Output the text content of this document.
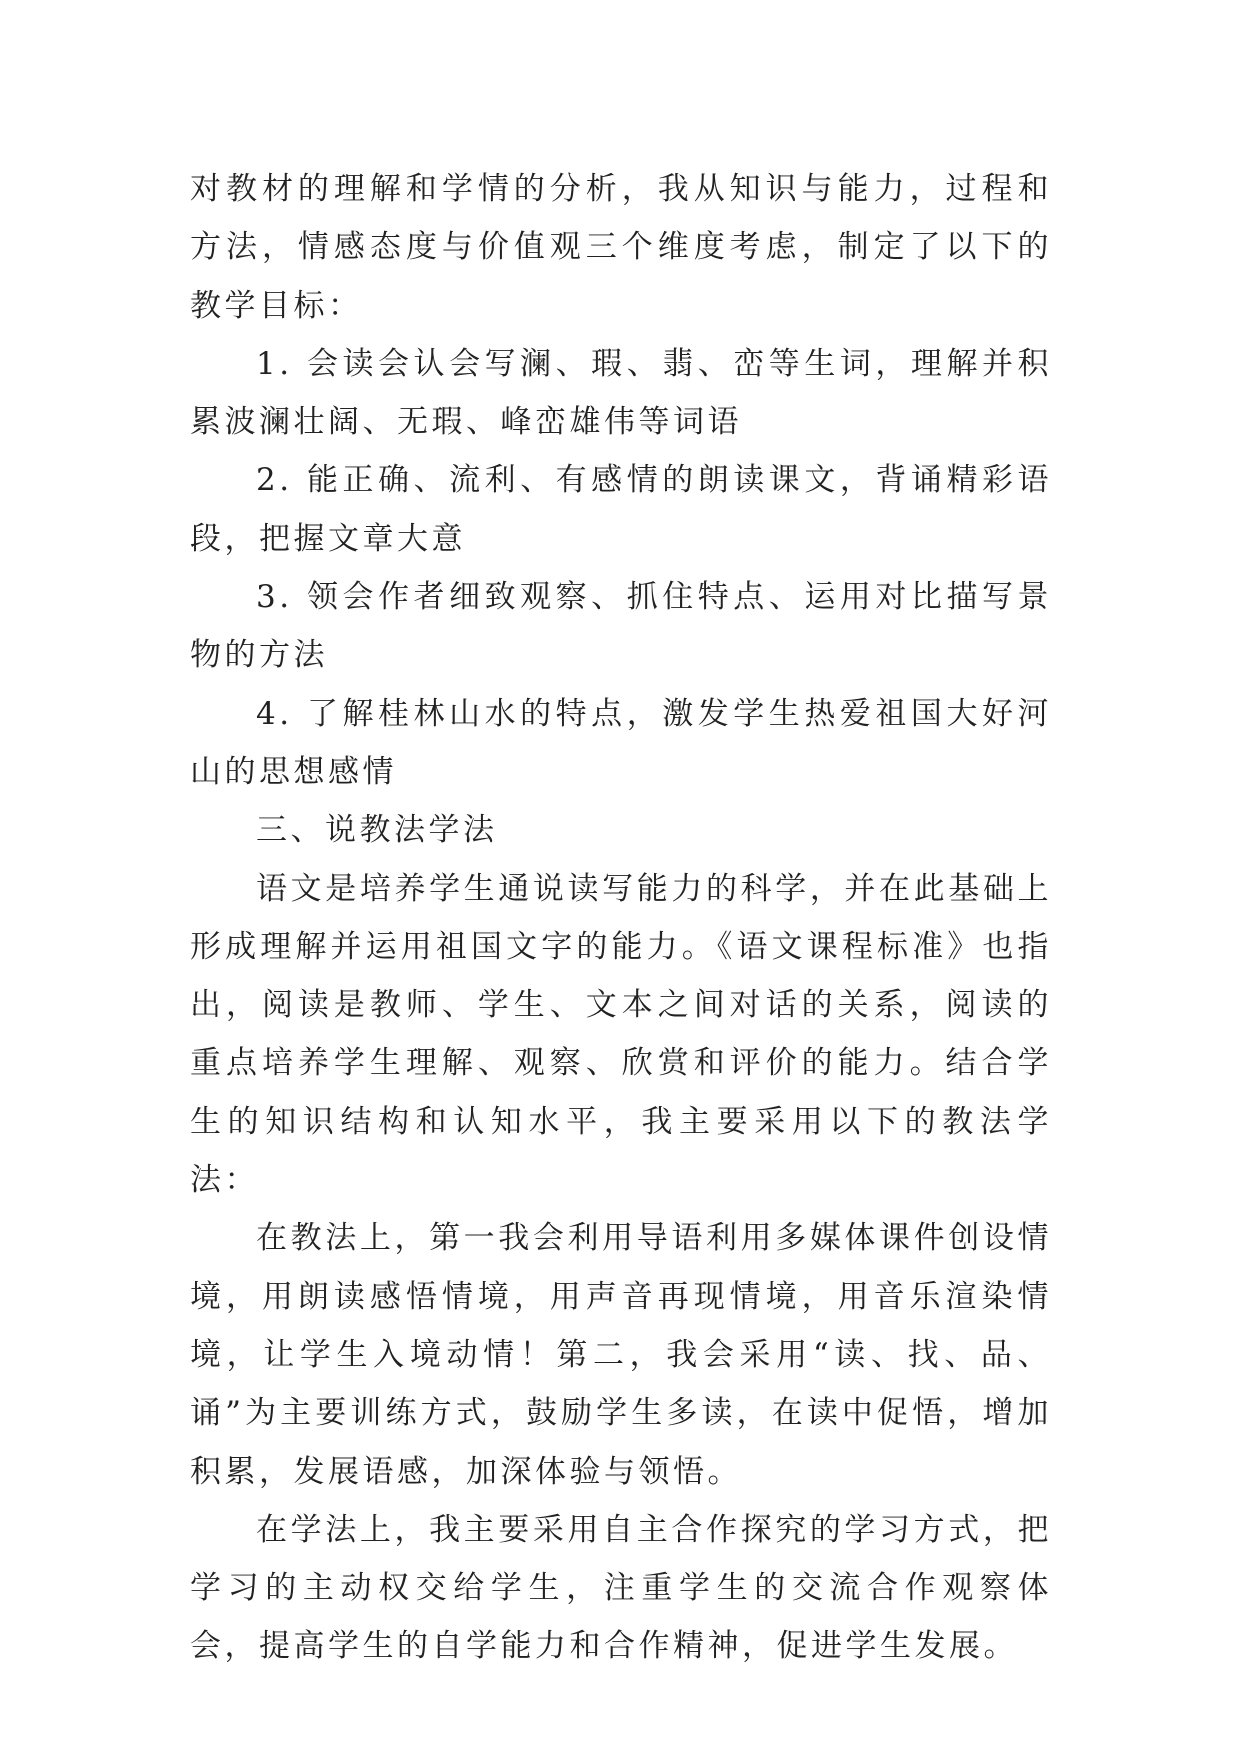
对教材的理解和学情的分析，我从知识与能力，过程和方法，情感态度与价值观三个维度考虑，制定了以下的教学目标：

1. 会读会认会写澜、瑕、翡、峦等生词，理解并积累波澜壮阔、无瑕、峰峦雄伟等词语

2. 能正确、流利、有感情的朗读课文，背诵精彩语段，把握文章大意

3. 领会作者细致观察、抓住特点、运用对比描写景物的方法

4. 了解桂林山水的特点，激发学生热爱祖国大好河山的思想感情

三、说教法学法

语文是培养学生通说读写能力的科学，并在此基础上形成理解并运用祖国文字的能力。《语文课程标准》也指出，阅读是教师、学生、文本之间对话的关系，阅读的重点培养学生理解、观察、欣赏和评价的能力。结合学生的知识结构和认知水平，我主要采用以下的教法学法：

在教法上，第一我会利用导语利用多媒体课件创设情境，用朗读感悟情境，用声音再现情境，用音乐渲染情境，让学生入境动情！第二，我会采用“读、找、品、诵”为主要训练方式，鼓励学生多读，在读中促悟，增加积累，发展语感，加深体验与领悟。

在学法上，我主要采用自主合作探究的学习方式，把学习的主动权交给学生，注重学生的交流合作观察体会，提高学生的自学能力和合作精神，促进学生发展。
